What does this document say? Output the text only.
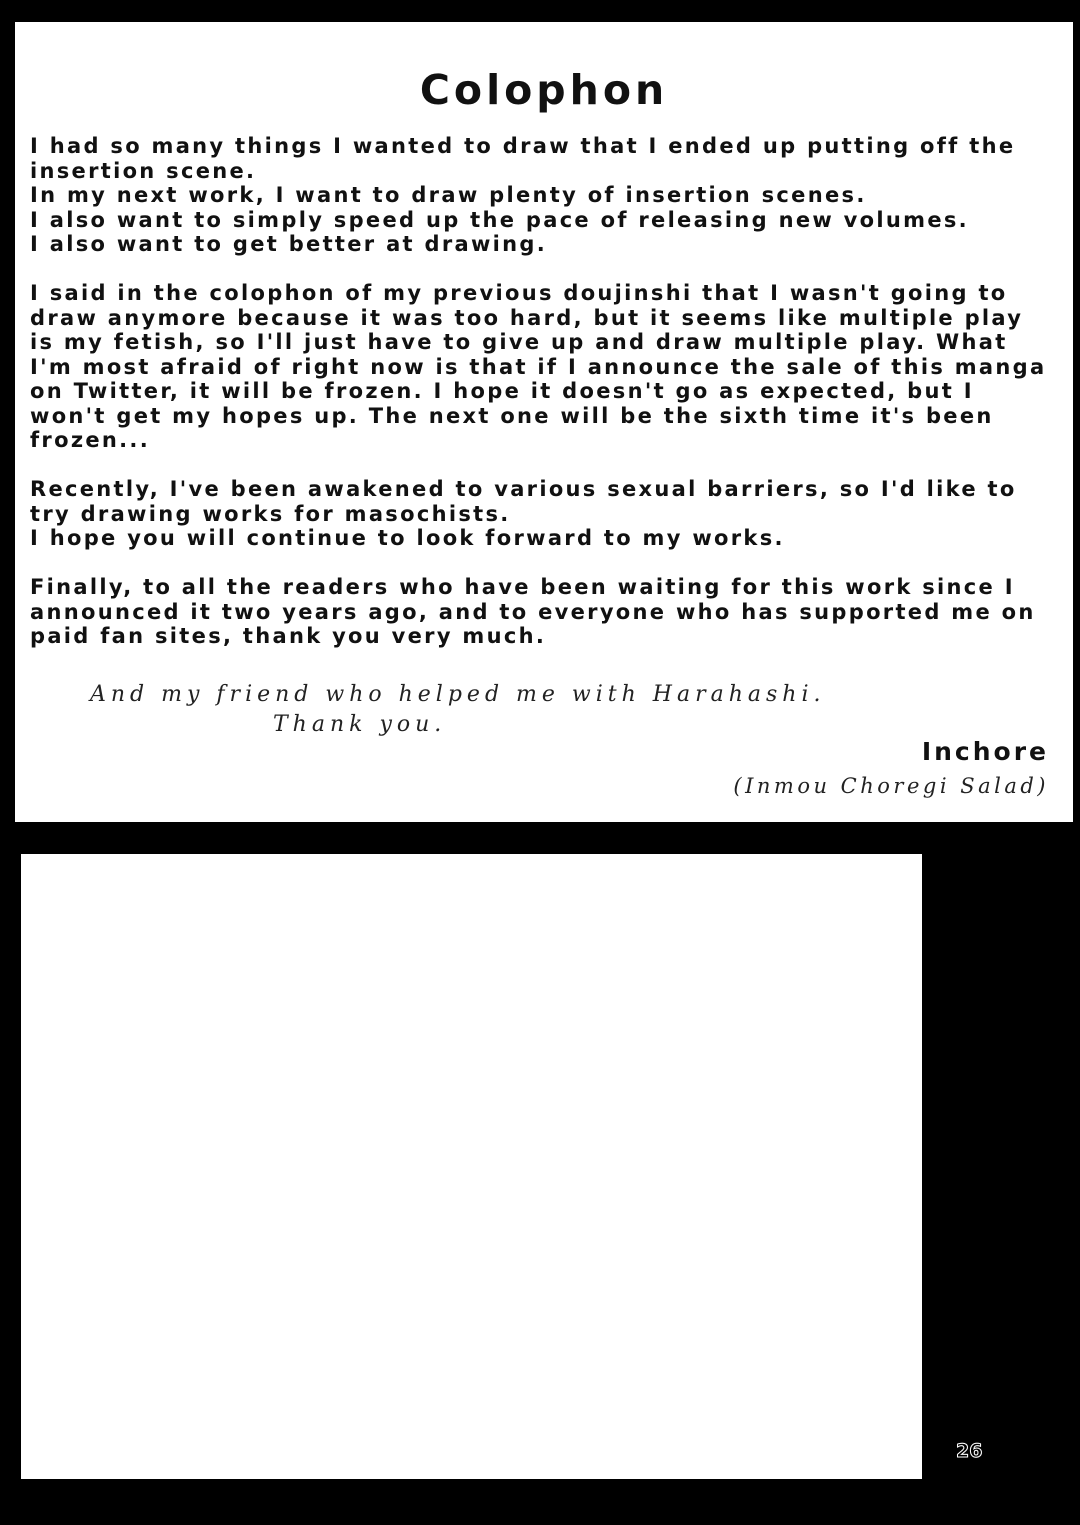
Colophon

I had so many things I wanted to draw that I ended up putting off the
insertion scene.
In my next work, I want to draw plenty of insertion scenes.
I also want to simply speed up the pace of releasing new volumes.
I also want to get better at drawing.

I said in the colophon of my previous doujinshi that I wasn't going to
draw anymore because it was too hard, but it seems like multiple play
is my fetish, so I'll just have to give up and draw multiple play. What
I'm most afraid of right now is that if I announce the sale of this manga
on Twitter, it will be frozen. I hope it doesn't go as expected, but I
won't get my hopes up. The next one will be the sixth time it's been
frozen...

Recently, I've been awakened to various sexual barriers, so I'd like to
try drawing works for masochists.
I hope you will continue to look forward to my works.

Finally, to all the readers who have been waiting for this work since I
announced it two years ago, and to everyone who has supported me on
paid fan sites, thank you very much.

And my friend who helped me with Harahashi.
Thank you.
Inchore
(Inmou Choregi Salad)
26
